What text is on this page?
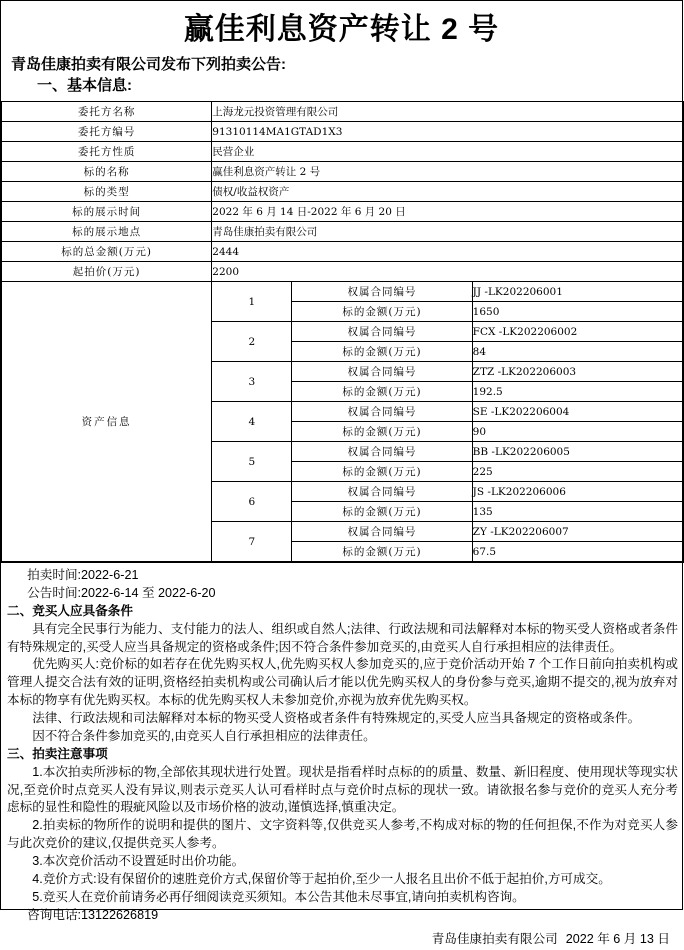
赢佳利息资产转让 2 号
青岛佳康拍卖有限公司发布下列拍卖公告:
一、基本信息:
委托方名称	上海龙元投资管理有限公司		
委托方编号	91310114MA1GTAD1X3		
委托方性质	民营企业		
标的名称	赢佳利息资产转让 2 号		
标的类型	债权/收益权资产		
标的展示时间	2022 年 6 月 14 日-2022 年 6 月 20 日		
标的展示地点	青岛佳康拍卖有限公司		
标的总金额(万元)	2444		
起拍价(万元)	2200		
资产信息	1	权属合同编号	JJ -LK202206001
		标的金额(万元)	1650
	2	权属合同编号	FCX -LK202206002
		标的金额(万元)	84
	3	权属合同编号	ZTZ -LK202206003
		标的金额(万元)	192.5
	4	权属合同编号	SE -LK202206004
		标的金额(万元)	90
	5	权属合同编号	BB -LK202206005
		标的金额(万元)	225
	6	权属合同编号	JS -LK202206006
		标的金额(万元)	135
	7	权属合同编号	ZY -LK202206007
		标的金额(万元)	67.5

拍卖时间:2022-6-21

公告时间:2022-6-14 至 2022-6-20

二、竞买人应具备条件

具有完全民事行为能力、支付能力的法人、组织或自然人;法律、行政法规和司法解释对本标的物买受人资格或者条件有特殊规定的,买受人应当具备规定的资格或条件;因不符合条件参加竞买的,由竞买人自行承担相应的法律责任。

优先购买人:竞价标的如若存在优先购买权人,优先购买权人参加竞买的,应于竞价活动开始 7 个工作日前向拍卖机构或管理人提交合法有效的证明,资格经拍卖机构或公司确认后才能以优先购买权人的身份参与竞买,逾期不提交的,视为放弃对本标的物享有优先购买权。本标的优先购买权人未参加竞价,亦视为放弃优先购买权。

法律、行政法规和司法解释对本标的物买受人资格或者条件有特殊规定的,买受人应当具备规定的资格或条件。

因不符合条件参加竞买的,由竞买人自行承担相应的法律责任。

三、拍卖注意事项

1.本次拍卖所涉标的物,全部依其现状进行处置。现状是指看样时点标的的质量、数量、新旧程度、使用现状等现实状况,至竞价时点竞买人没有异议,则表示竞买人认可看样时点与竞价时点标的现状一致。请欲报名参与竞价的竞买人充分考虑标的显性和隐性的瑕疵风险以及市场价格的波动,谨慎选择,慎重决定。

2.拍卖标的物所作的说明和提供的图片、文字资料等,仅供竞买人参考,不构成对标的物的任何担保,不作为对竞买人参与此次竞价的建议,仅提供竞买人参考。

3.本次竞价活动不设置延时出价功能。

4.竞价方式:设有保留价的速胜竞价方式,保留价等于起拍价,至少一人报名且出价不低于起拍价,方可成交。

5.竞买人在竞价前请务必再仔细阅读竞买须知。本公告其他未尽事宜,请向拍卖机构咨询。

咨询电话:13122626819

青岛佳康拍卖有限公司 2022 年 6 月 13 日
